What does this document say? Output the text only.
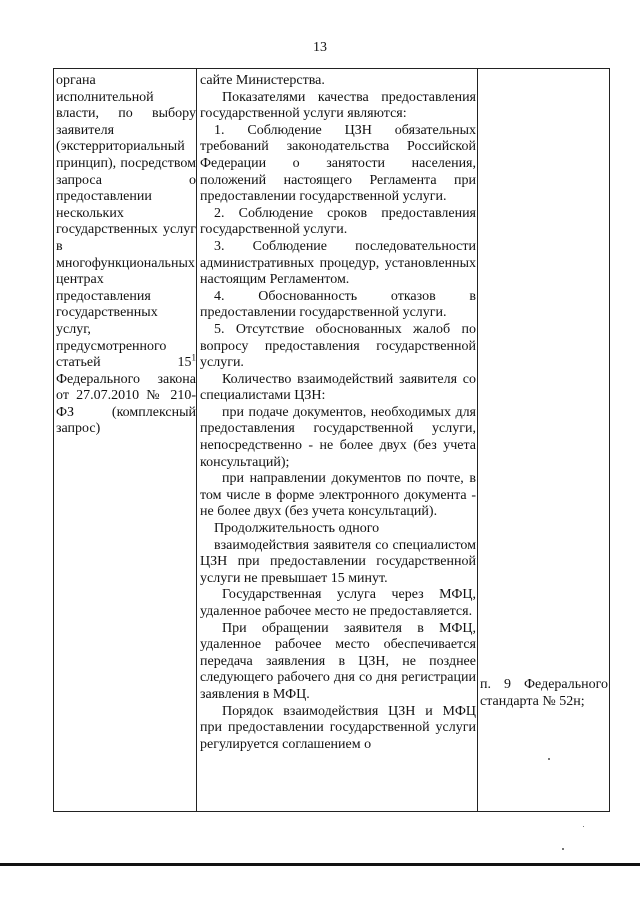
13
органа исполнительной власти, по выбору заявителя (экстерриториальный принцип), посредством запроса о предоставлении нескольких государственных услуг в многофункциональных центрах предоставления государственных услуг, предусмотренного статьей $15^1$ Федерального закона от 27.07.2010 № 210-ФЗ (комплексный запрос)

сайте Министерства.

Показателями качества предоставления государственной услуги являются:

1. Соблюдение ЦЗН обязательных требований законодательства Российской Федерации о занятости населения, положений настоящего Регламента при предоставлении государственной услуги.

2. Соблюдение сроков предоставления государственной услуги.

3. Соблюдение последовательности административных процедур, установленных настоящим Регламентом.

4. Обоснованность отказов в предоставлении государственной услуги.

5. Отсутствие обоснованных жалоб по вопросу предоставления государственной услуги.

Количество взаимодействий заявителя со специалистами ЦЗН:

при подаче документов, необходимых для предоставления государственной услуги, непосредственно - не более двух (без учета консультаций);

при направлении документов по почте, в том числе в форме электронного документа - не более двух (без учета консультаций).

Продолжительность одного

взаимодействия заявителя со специалистом ЦЗН при предоставлении государственной услуги не превышает 15 минут.

Государственная услуга через МФЦ, удаленное рабочее место не предоставляется.

При обращении заявителя в МФЦ, удаленное рабочее место обеспечивается передача заявления в ЦЗН, не позднее следующего рабочего дня со дня регистрации заявления в МФЦ.

Порядок взаимодействия ЦЗН и МФЦ при предоставлении государственной услуги регулируется соглашением о

п. 9 Федерального стандарта № 52н;
